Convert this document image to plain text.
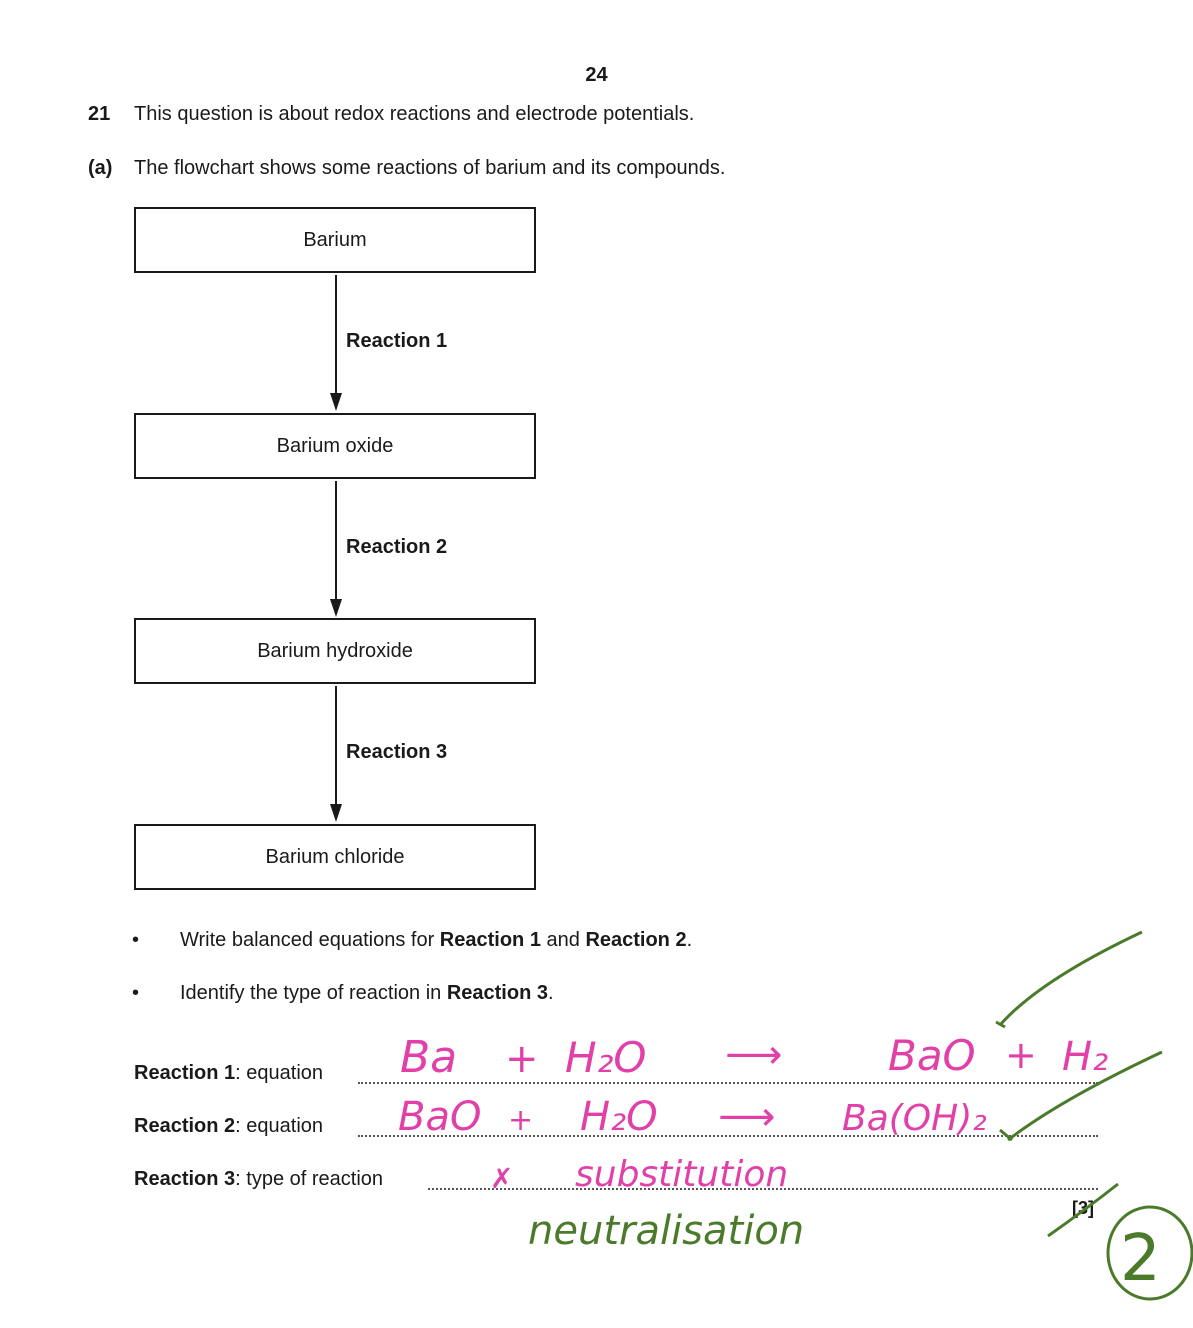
24
21 This question is about redox reactions and electrode potentials.
(a) The flowchart shows some reactions of barium and its compounds.
Barium
Reaction 1
Barium oxide
Reaction 2
Barium hydroxide
Reaction 3
Barium chloride
• Write balanced equations for Reaction 1 and Reaction 2.
• Identify the type of reaction in Reaction 3.
Reaction 1: equation
Reaction 2: equation
Reaction 3: type of reaction
[3]
Ba + H₂O ⟶	BaO + H₂
BaO + H₂O ⟶ Ba(OH)₂
✗ substitution
neutralisation	2
